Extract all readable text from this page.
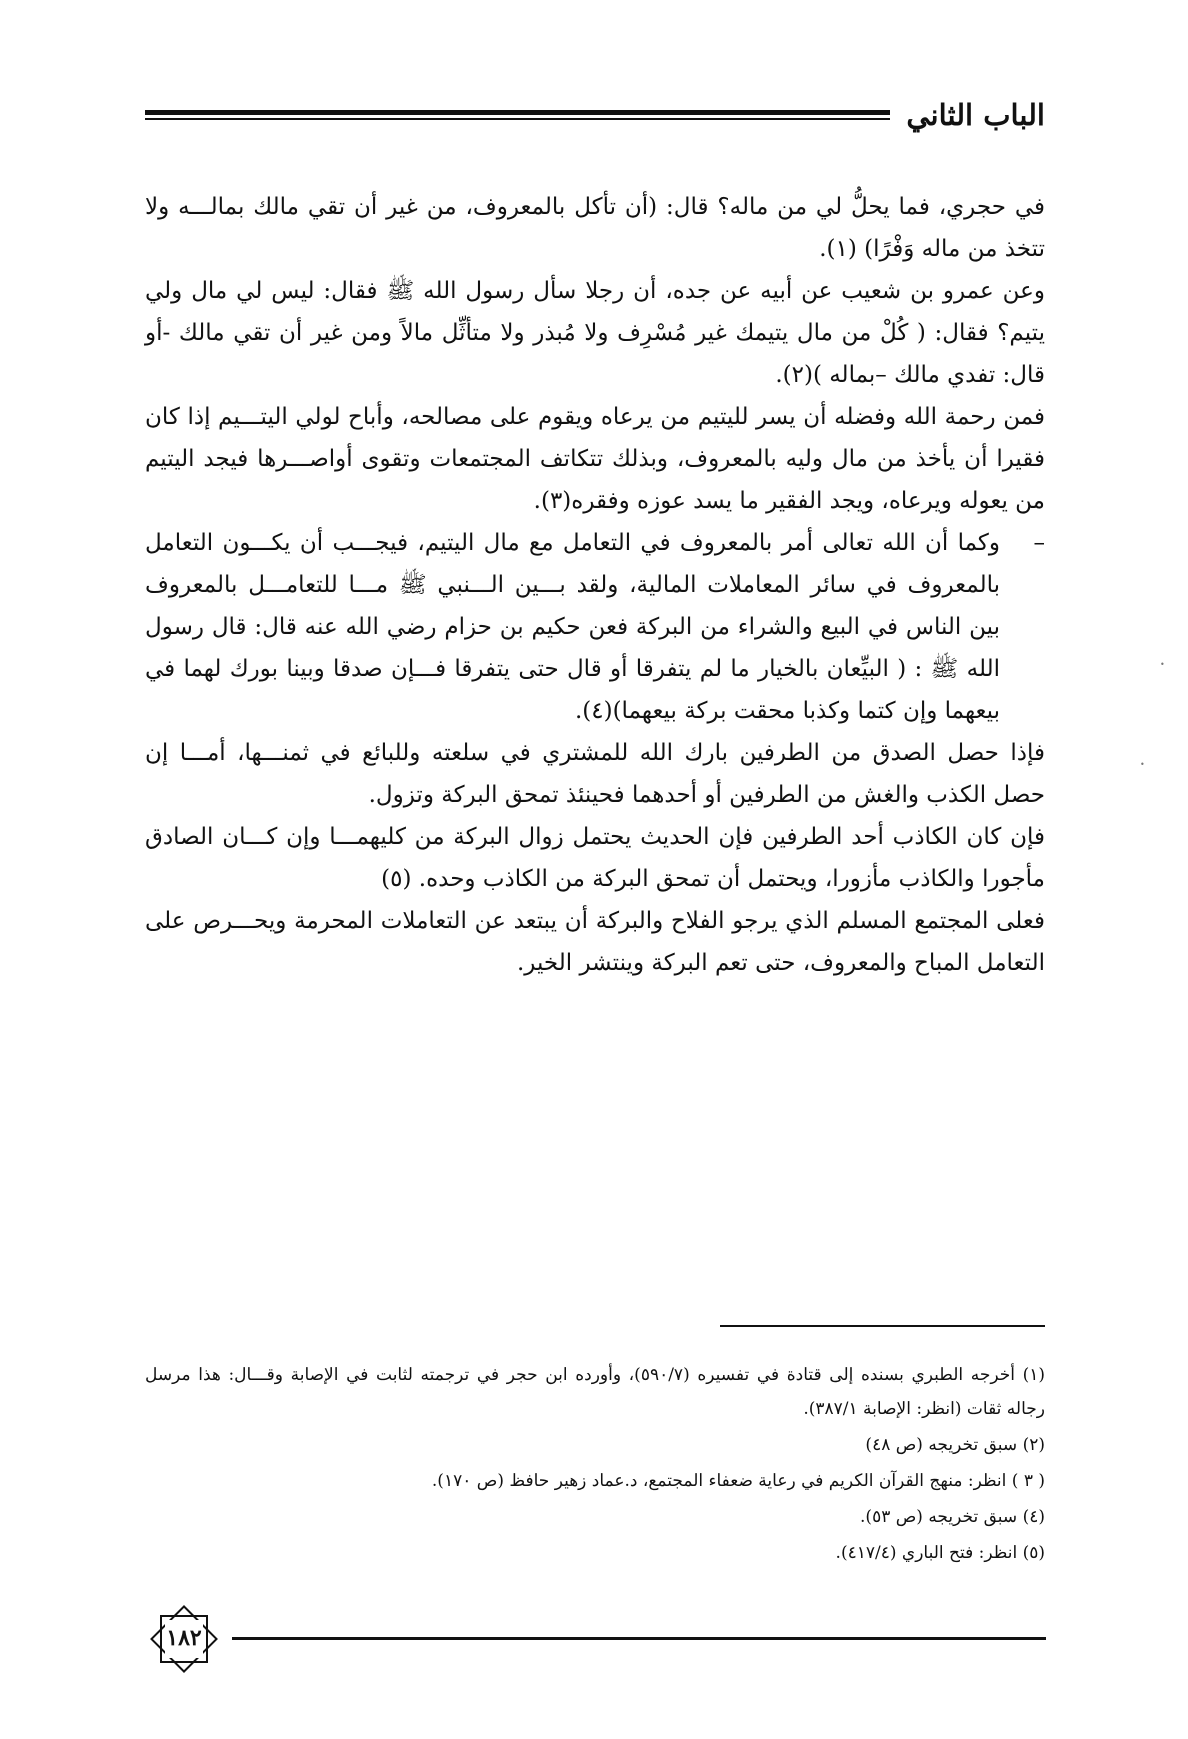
الباب الثاني

في حجري، فما يحلُّ لي من ماله؟ قال: (أن تأكل بالمعروف، من غير أن تقي مالك بمالـــه ولا تتخذ من ماله وَفْرًا) (١).

وعن عمرو بن شعيب عن أبيه عن جده، أن رجلا سأل رسول الله ﷺ فقال: ليس لي مال ولي يتيم؟ فقال: ( كُلْ من مال يتيمك غير مُسْرِف ولا مُبذر ولا متأثِّل مالاً ومن غير أن تقي مالك -أو قال: تفدي مالك –بماله )(٢).

فمن رحمة الله وفضله أن يسر لليتيم من يرعاه ويقوم على مصالحه، وأباح لولي اليتـــيم إذا كان فقيرا أن يأخذ من مال وليه بالمعروف، وبذلك تتكاتف المجتمعات وتقوى أواصـــرها فيجد اليتيم من يعوله ويرعاه، ويجد الفقير ما يسد عوزه وفقره(٣).

–
وكما أن الله تعالى أمر بالمعروف في التعامل مع مال اليتيم، فيجـــب أن يكـــون التعامل بالمعروف في سائر المعاملات المالية، ولقد بـــين الـــنبي ﷺ مـــا للتعامـــل بالمعروف بين الناس في البيع والشراء من البركة فعن حكيم بن حزام رضي الله عنه قال: قال رسول الله ﷺ : ( البيِّعان بالخيار ما لم يتفرقا أو قال حتى يتفرقا فـــإن صدقا وبينا بورك لهما في بيعهما وإن كتما وكذبا محقت بركة بيعهما)(٤).

فإذا حصل الصدق من الطرفين بارك الله للمشتري في سلعته وللبائع في ثمنـــها، أمـــا إن حصل الكذب والغش من الطرفين أو أحدهما فحينئذ تمحق البركة وتزول.

فإن كان الكاذب أحد الطرفين فإن الحديث يحتمل زوال البركة من كليهمـــا وإن كـــان الصادق مأجورا والكاذب مأزورا، ويحتمل أن تمحق البركة من الكاذب وحده. (٥)

فعلى المجتمع المسلم الذي يرجو الفلاح والبركة أن يبتعد عن التعاملات المحرمة ويحـــرص على التعامل المباح والمعروف، حتى تعم البركة وينتشر الخير.

(١) أخرجه الطبري بسنده إلى قتادة في تفسيره (٥٩٠/٧)، وأورده ابن حجر في ترجمته لثابت في الإصابة وقـــال: هذا مرسل رجاله ثقات (انظر: الإصابة ٣٨٧/١).

(٢) سبق تخريجه (ص ٤٨)

( ٣ ) انظر: منهج القرآن الكريم في رعاية ضعفاء المجتمع، د.عماد زهير حافظ (ص ١٧٠).

(٤) سبق تخريجه (ص ٥٣).

(٥) انظر: فتح الباري (٤١٧/٤).

١٨٢
•
•
